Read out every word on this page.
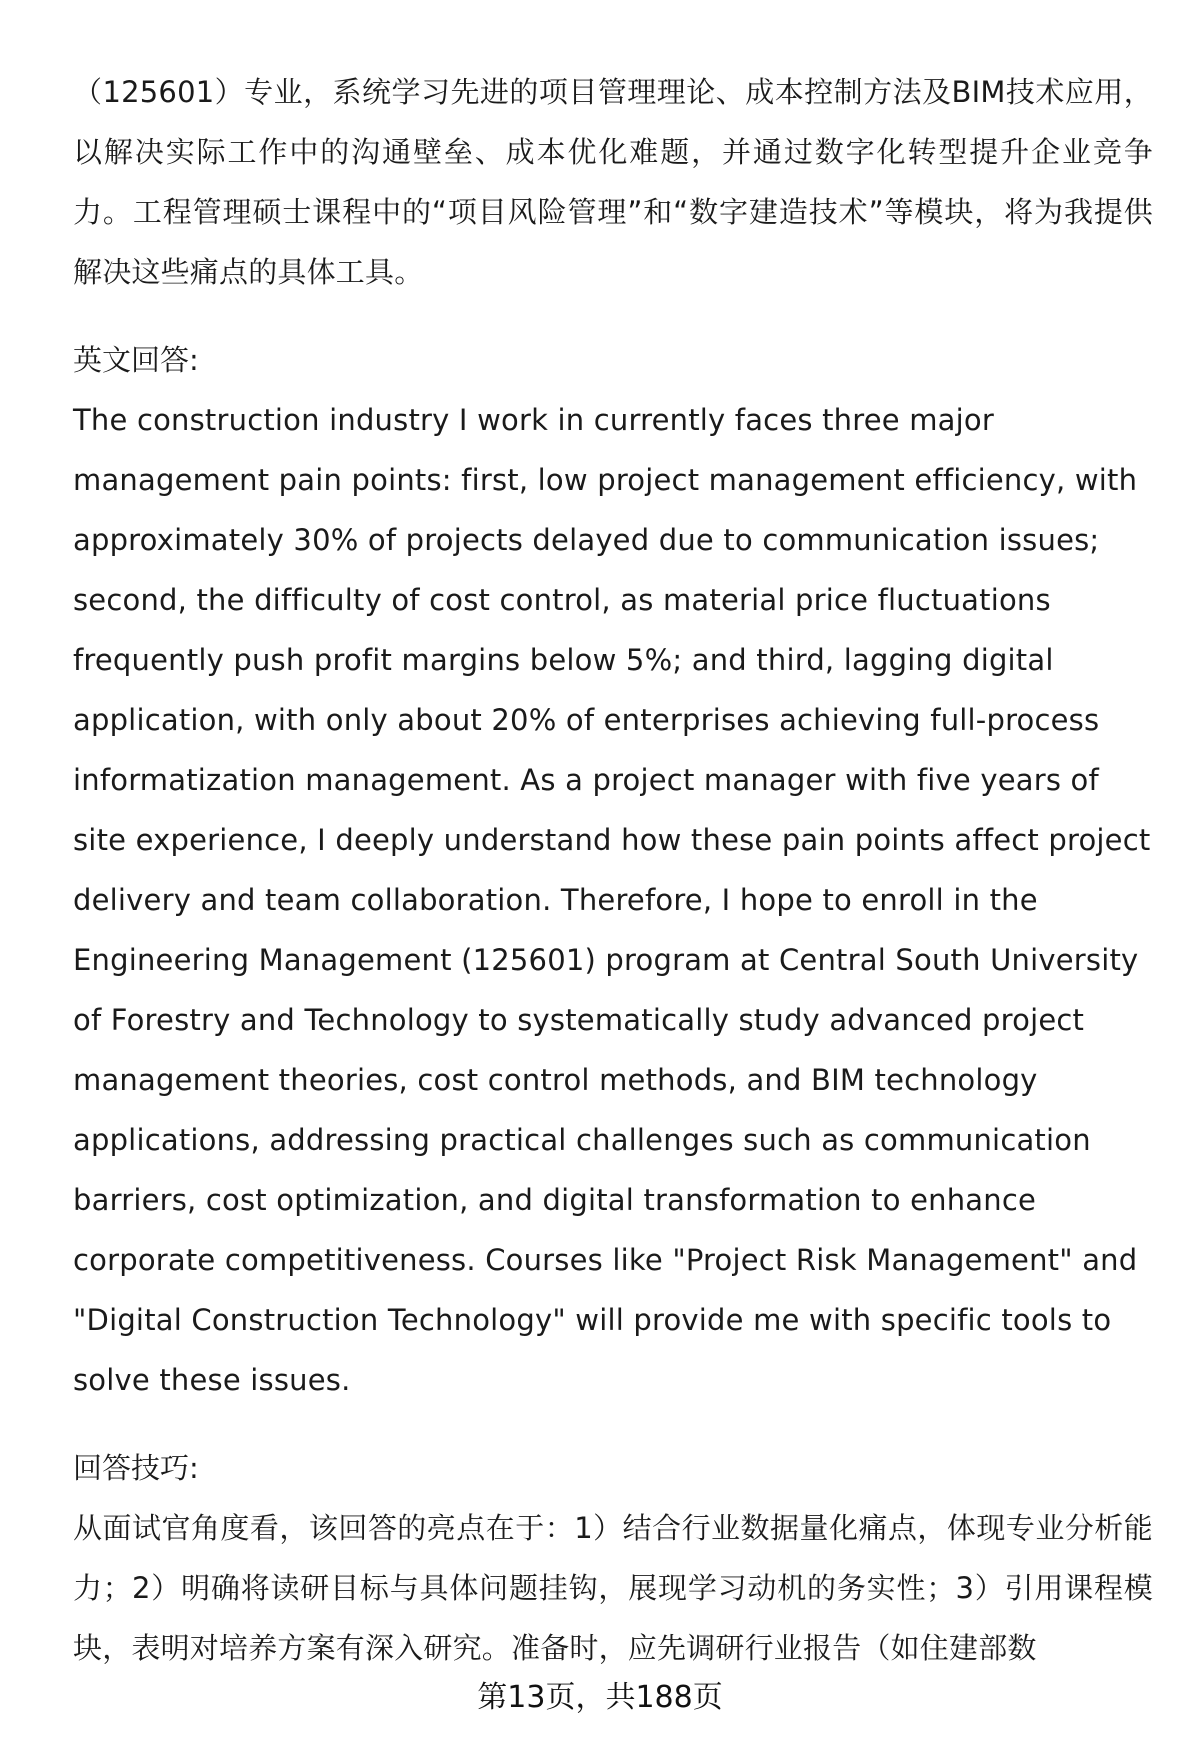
（125601）专业，系统学习先进的项目管理理论、成本控制方法及BIM技术应用，以解决实际工作中的沟通壁垒、成本优化难题，并通过数字化转型提升企业竞争力。工程管理硕士课程中的“项目风险管理”和“数字建造技术”等模块，将为我提供解决这些痛点的具体工具。

英文回答:

The construction industry I work in currently faces three major management pain points: first, low project management efficiency, with approximately 30% of projects delayed due to communication issues; second, the difficulty of cost control, as material price fluctuations frequently push profit margins below 5%; and third, lagging digital application, with only about 20% of enterprises achieving full-process informatization management. As a project manager with five years of site experience, I deeply understand how these pain points affect project delivery and team collaboration. Therefore, I hope to enroll in the Engineering Management (125601) program at Central South University of Forestry and Technology to systematically study advanced project management theories, cost control methods, and BIM technology applications, addressing practical challenges such as communication barriers, cost optimization, and digital transformation to enhance corporate competitiveness. Courses like "Project Risk Management" and "Digital Construction Technology" will provide me with specific tools to solve these issues.

回答技巧:

从面试官角度看，该回答的亮点在于：1）结合行业数据量化痛点，体现专业分析能力；2）明确将读研目标与具体问题挂钩，展现学习动机的务实性；3）引用课程模块，表明对培养方案有深入研究。准备时，应先调研行业报告（如住建部数

第13页，共188页
